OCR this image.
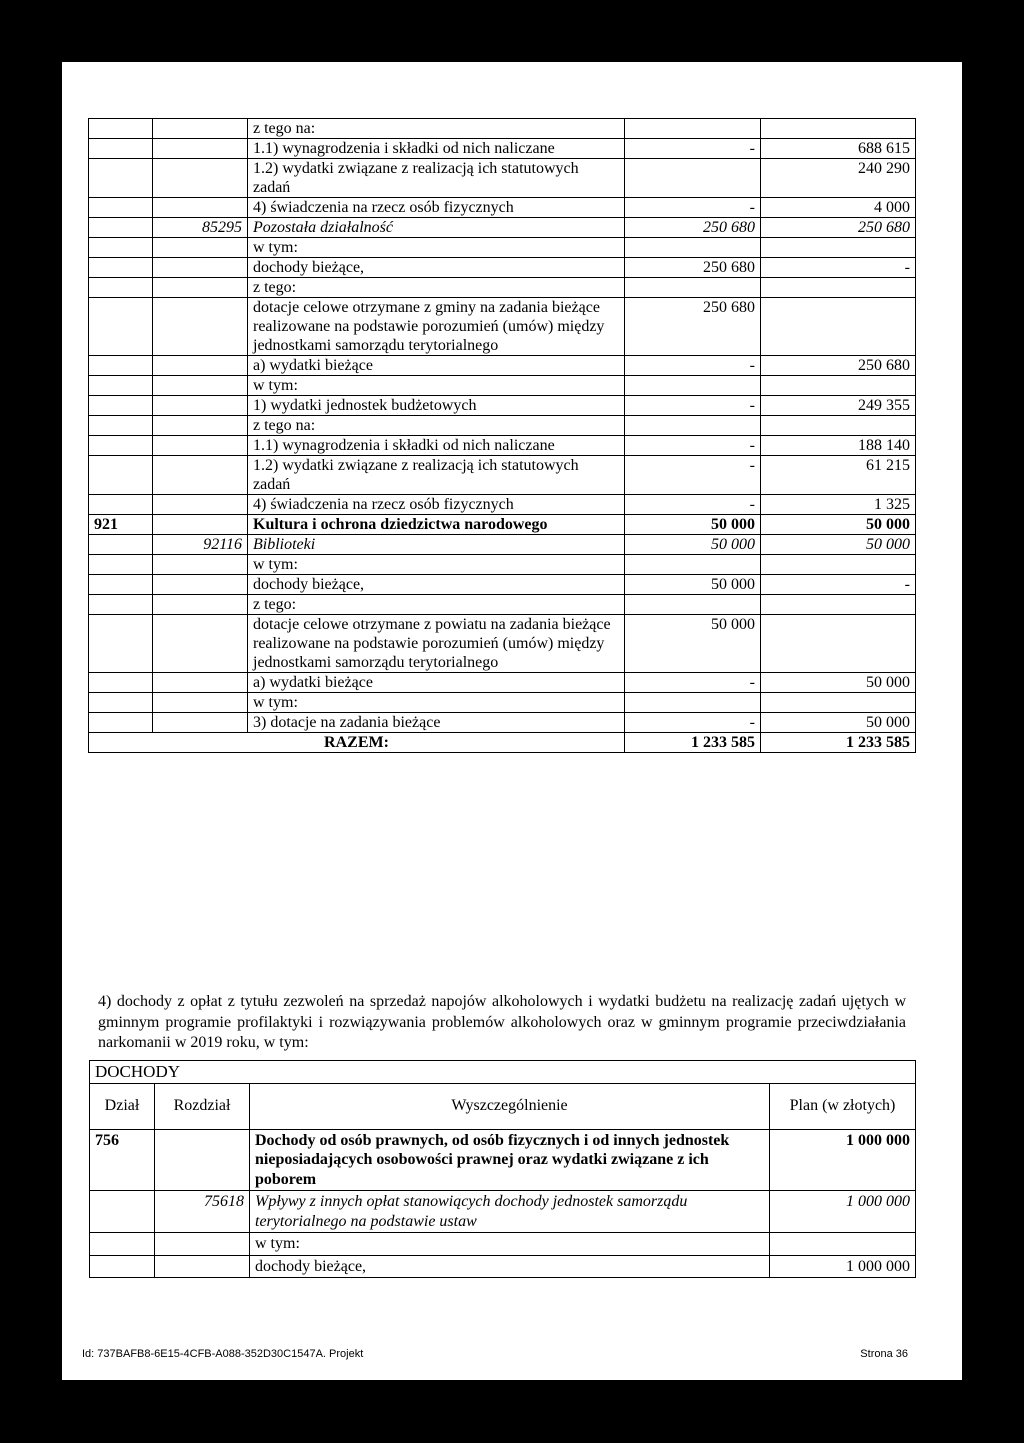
		z tego na:		
		1.1) wynagrodzenia i składki od nich naliczane	-	688 615
		1.2) wydatki związane z realizacją ich statutowych zadań		240 290
		4) świadczenia na rzecz osób fizycznych	-	4 000
	85295	Pozostała działalność	250 680	250 680
		w tym:		
		dochody bieżące,	250 680	-
		z tego:		
		dotacje celowe otrzymane z gminy na zadania bieżące realizowane na podstawie porozumień (umów) między jednostkami samorządu terytorialnego	250 680	
		a) wydatki bieżące	-	250 680
		w tym:		
		1) wydatki jednostek budżetowych	-	249 355
		z tego na:		
		1.1) wynagrodzenia i składki od nich naliczane	-	188 140
		1.2) wydatki związane z realizacją ich statutowych zadań	-	61 215
		4) świadczenia na rzecz osób fizycznych	-	1 325
921		Kultura i ochrona dziedzictwa narodowego	50 000	50 000
	92116	Biblioteki	50 000	50 000
		w tym:		
		dochody bieżące,	50 000	-
		z tego:		
		dotacje celowe otrzymane z powiatu na zadania bieżące realizowane na podstawie porozumień (umów) między jednostkami samorządu terytorialnego	50 000	
		a) wydatki bieżące	-	50 000
		w tym:		
		3) dotacje na zadania bieżące	-	50 000
RAZEM:			1 233 585	1 233 585
4) dochody z opłat z tytułu zezwoleń na sprzedaż napojów alkoholowych i wydatki budżetu na realizację zadań ujętych w gminnym programie profilaktyki i rozwiązywania problemów alkoholowych oraz w gminnym programie przeciwdziałania narkomanii w 2019 roku, w tym:
DOCHODY			
Dział	Rozdział	Wyszczególnienie	Plan (w złotych)
756		Dochody od osób prawnych, od osób fizycznych i od innych jednostek nieposiadających osobowości prawnej oraz wydatki związane z ich poborem	1 000 000
	75618	Wpływy z innych opłat stanowiących dochody jednostek samorządu terytorialnego na podstawie ustaw	1 000 000
		w tym:	
		dochody bieżące,	1 000 000
Id: 737BAFB8-6E15-4CFB-A088-352D30C1547A. Projekt	Strona 36
